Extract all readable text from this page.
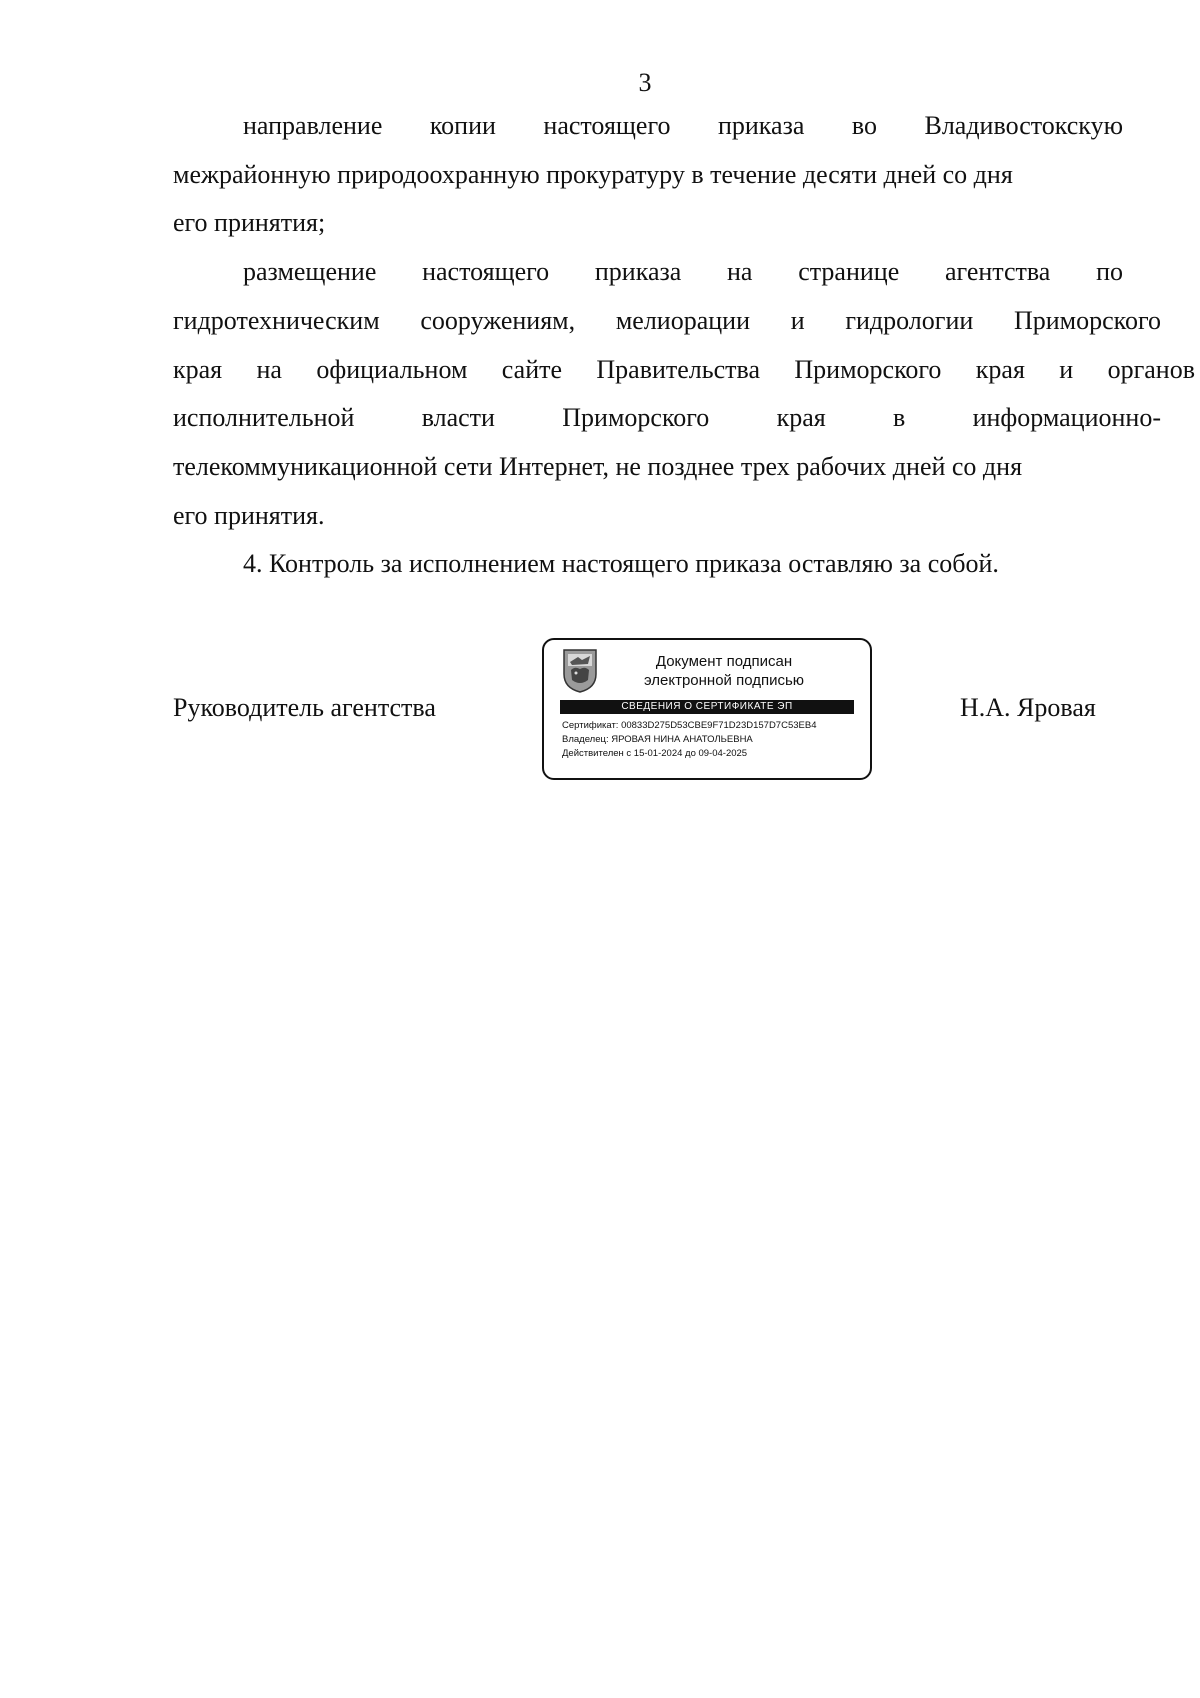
3
направление копии настоящего приказа во Владивостокскую
межрайонную природоохранную прокуратуру в течение десяти дней со дня
его принятия;
размещение настоящего приказа на странице агентства по
гидротехническим сооружениям, мелиорации и гидрологии Приморского
края на официальном сайте Правительства Приморского края и органов
исполнительной власти Приморского края в информационно-
телекоммуникационной сети Интернет, не позднее трех рабочих дней со дня
его принятия.
4. Контроль за исполнением настоящего приказа оставляю за собой.
Руководитель агентства
Документ подписан
электронной подписью
СВЕДЕНИЯ О СЕРТИФИКАТЕ ЭП
Сертификат: 00833D275D53CBE9F71D23D157D7C53EB4
Владелец: ЯРОВАЯ НИНА АНАТОЛЬЕВНА
Действителен с 15-01-2024 до 09-04-2025
Н.А. Яровая
